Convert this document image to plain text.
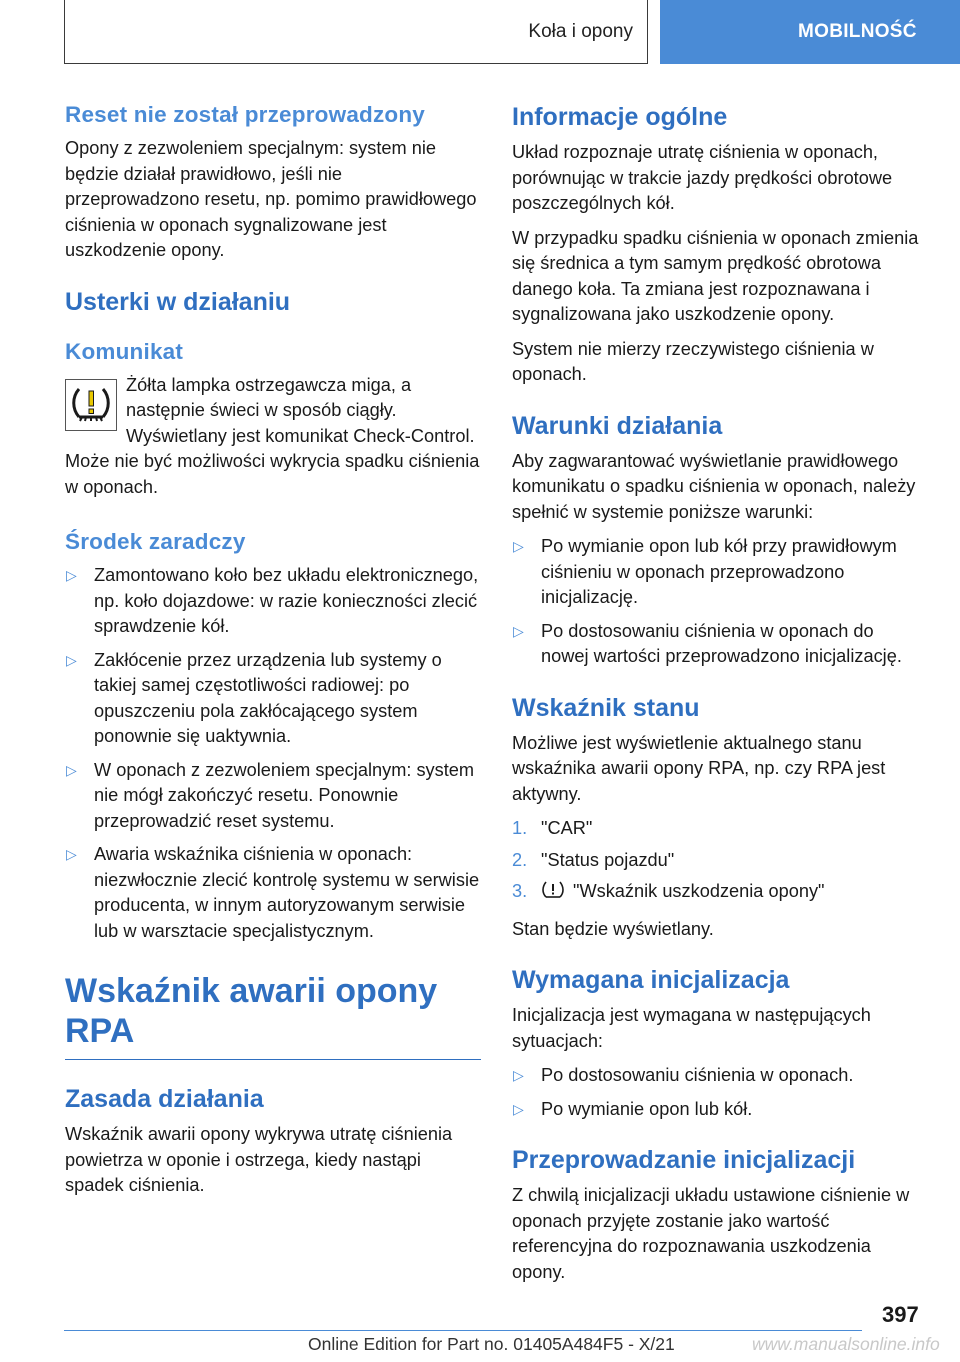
Koła i opony	MOBILNOŚĆ
Reset nie został przeprowadzony

Opony z zezwoleniem specjalnym: system nie będzie działał prawidłowo, jeśli nie przeprowadzono resetu, np. pomimo prawidłowego ciśnienia w oponach sygnalizowane jest uszkodzenie opony.

Usterki w działaniu
Komunikat

Żółta lampka ostrzegawcza miga, a następnie świeci w sposób ciągły. Wyświetlany jest komunikat Check-Control. Może nie być możliwości wykrycia spadku ciśnienia w oponach.

Środek zaradczy
▷ Zamontowano koło bez układu elektronicznego, np. koło dojazdowe: w razie konieczności zlecić sprawdzenie kół.
▷ Zakłócenie przez urządzenia lub systemy o takiej samej częstotliwości radiowej: po opuszczeniu pola zakłócającego system ponownie się uaktywnia.
▷ W oponach z zezwoleniem specjalnym: system nie mógł zakończyć resetu. Ponownie przeprowadzić reset systemu.
▷ Awaria wskaźnika ciśnienia w oponach: niezwłocznie zlecić kontrolę systemu w serwisie producenta, w innym autoryzowanym serwisie lub w warsztacie specjalistycznym.
Wskaźnik awarii opony RPA
Zasada działania

Wskaźnik awarii opony wykrywa utratę ciśnienia powietrza w oponie i ostrzega, kiedy nastąpi spadek ciśnienia.

Informacje ogólne

Układ rozpoznaje utratę ciśnienia w oponach, porównując w trakcie jazdy prędkości obrotowe poszczególnych kół.

W przypadku spadku ciśnienia w oponach zmienia się średnica a tym samym prędkość obrotowa danego koła. Ta zmiana jest rozpoznawana i sygnalizowana jako uszkodzenie opony.

System nie mierzy rzeczywistego ciśnienia w oponach.

Warunki działania

Aby zagwarantować wyświetlanie prawidłowego komunikatu o spadku ciśnienia w oponach, należy spełnić w systemie poniższe warunki:

▷ Po wymianie opon lub kół przy prawidłowym ciśnieniu w oponach przeprowadzono inicjalizację.
▷ Po dostosowaniu ciśnienia w oponach do nowej wartości przeprowadzono inicjalizację.
Wskaźnik stanu

Możliwe jest wyświetlenie aktualnego stanu wskaźnika awarii opony RPA, np. czy RPA jest aktywny.

1. "CAR"
2. "Status pojazdu"
3.	"Wskaźnik uszkodzenia opony"

Stan będzie wyświetlany.

Wymagana inicjalizacja

Inicjalizacja jest wymagana w następujących sytuacjach:

▷ Po dostosowaniu ciśnienia w oponach.
▷ Po wymianie opon lub kół.
Przeprowadzanie inicjalizacji

Z chwilą inicjalizacji układu ustawione ciśnienie w oponach przyjęte zostanie jako wartość referencyjna do rozpoznawania uszkodzenia opony.

397
Online Edition for Part no. 01405A484F5 - X/21	www.manualsonline.info
